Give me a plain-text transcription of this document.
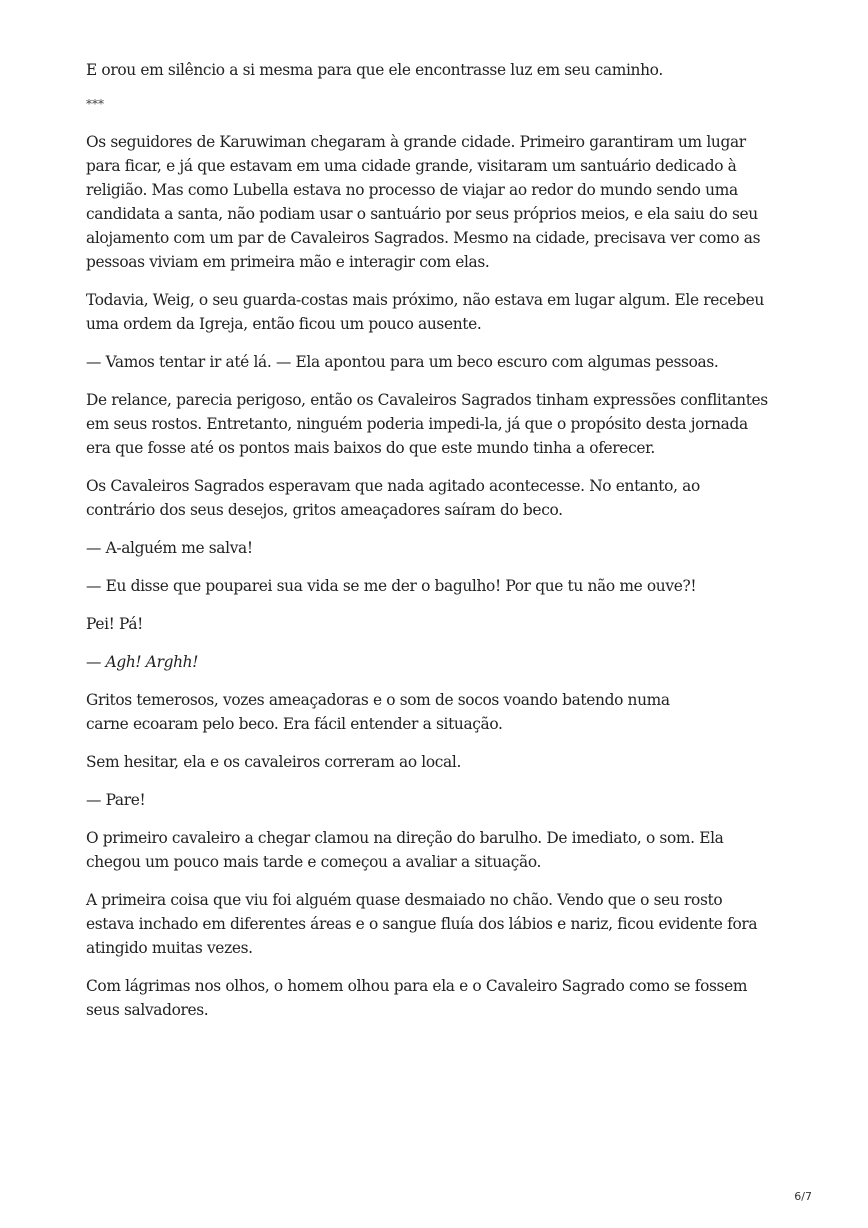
E orou em silêncio a si mesma para que ele encontrasse luz em seu caminho.

***

Os seguidores de Karuwiman chegaram à grande cidade. Primeiro garantiram um lugar
para ficar, e já que estavam em uma cidade grande, visitaram um santuário dedicado à
religião. Mas como Lubella estava no processo de viajar ao redor do mundo sendo uma
candidata a santa, não podiam usar o santuário por seus próprios meios, e ela saiu do seu
alojamento com um par de Cavaleiros Sagrados. Mesmo na cidade, precisava ver como as
pessoas viviam em primeira mão e interagir com elas.

Todavia, Weig, o seu guarda-costas mais próximo, não estava em lugar algum. Ele recebeu
uma ordem da Igreja, então ficou um pouco ausente.

— Vamos tentar ir até lá. — Ela apontou para um beco escuro com algumas pessoas.

De relance, parecia perigoso, então os Cavaleiros Sagrados tinham expressões conflitantes
em seus rostos. Entretanto, ninguém poderia impedi-la, já que o propósito desta jornada
era que fosse até os pontos mais baixos do que este mundo tinha a oferecer.

Os Cavaleiros Sagrados esperavam que nada agitado acontecesse. No entanto, ao
contrário dos seus desejos, gritos ameaçadores saíram do beco.

— A-alguém me salva!

— Eu disse que pouparei sua vida se me der o bagulho! Por que tu não me ouve?!

Pei! Pá!

— Agh! Arghh!

Gritos temerosos, vozes ameaçadoras e o som de socos voando batendo numa
carne ecoaram pelo beco. Era fácil entender a situação.

Sem hesitar, ela e os cavaleiros correram ao local.

— Pare!

O primeiro cavaleiro a chegar clamou na direção do barulho. De imediato, o som. Ela
chegou um pouco mais tarde e começou a avaliar a situação.

A primeira coisa que viu foi alguém quase desmaiado no chão. Vendo que o seu rosto
estava inchado em diferentes áreas e o sangue fluía dos lábios e nariz, ficou evidente fora
atingido muitas vezes.

Com lágrimas nos olhos, o homem olhou para ela e o Cavaleiro Sagrado como se fossem
seus salvadores.

6/7
